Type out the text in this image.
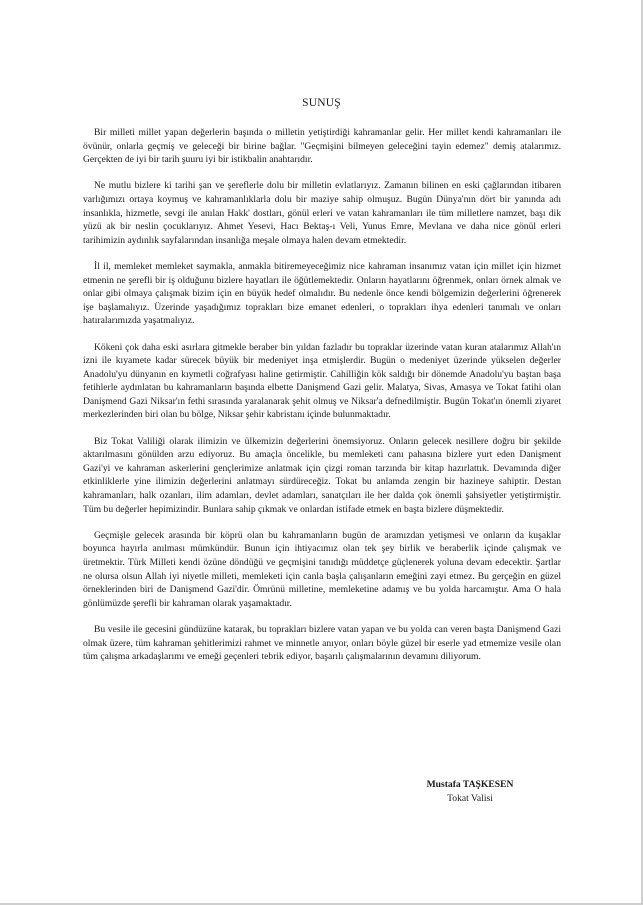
SUNUŞ

Bir milleti millet yapan değerlerin başında o milletin yetiştirdiği kahramanlar gelir. Her millet kendi kahramanları ile övünür, onlarla geçmiş ve geleceği bir birine bağlar. "Geçmişini bilmeyen geleceğini tayin edemez" demiş atalarımız. Gerçekten de iyi bir tarih şuuru iyi bir istikbalin anahtarıdır.

Ne mutlu bizlere ki tarihi şan ve şereflerle dolu bir milletin evlatlarıyız. Zamanın bilinen en eski çağlarından itibaren varlığımızı ortaya koymuş ve kahramanlıklarla dolu bir maziye sahip olmuşuz. Bugün Dünya'nın dört bir yanında adı insanlıkla, hizmetle, sevgi ile anılan Hakk' dostları, gönül erleri ve vatan kahramanları ile tüm milletlere namzet, başı dik yüzü ak bir neslin çocuklarıyız. Ahmet Yesevi, Hacı Bektaş-ı Veli, Yunus Emre, Mevlana ve daha nice gönül erleri tarihimizin aydınlık sayfalarından insanlığa meşale olmaya halen devam etmektedir.

İl il, memleket memleket saymakla, anmakla bitiremeyeceğimiz nice kahraman insanımız vatan için millet için hizmet etmenin ne şerefli bir iş olduğunu bizlere hayatları ile öğütlemektedir. Onların hayatlarını öğrenmek, onları örnek almak ve onlar gibi olmaya çalışmak bizim için en büyük hedef olmalıdır. Bu nedenle önce kendi bölgemizin değerlerini öğrenerek işe başlamalıyız. Üzerinde yaşadığımız toprakları bize emanet edenleri, o toprakları ihya edenleri tanımalı ve onları hatıralarımızda yaşatmalıyız.

Kökeni çok daha eski asırlara gitmekle beraber bin yıldan fazladır bu topraklar üzerinde vatan kuran atalarımız Allah'ın izni ile kıyamete kadar sürecek büyük bir medeniyet inşa etmişlerdir. Bugün o medeniyet üzerinde yükselen değerler Anadolu'yu dünyanın en kıymetli coğrafyası haline getirmiştir. Cahilliğin kök saldığı bir dönemde Anadolu'yu baştan başa fetihlerle aydınlatan bu kahramanların başında elbette Danişmend Gazi gelir. Malatya, Sivas, Amasya ve Tokat fatihi olan Danişmend Gazi Niksar'ın fethi sırasında yaralanarak şehit olmuş ve Niksar'a defnedilmiştir. Bugün Tokat'ın önemli ziyaret merkezlerinden biri olan bu bölge, Niksar şehir kabristanı içinde bulunmaktadır.

Biz Tokat Valiliği olarak ilimizin ve ülkemizin değerlerini önemsiyoruz. Onların gelecek nesillere doğru bir şekilde aktarılmasını gönülden arzu ediyoruz. Bu amaçla öncelikle, bu memleketi canı pahasına bizlere yurt eden Danişment Gazi'yi ve kahraman askerlerini gençlerimize anlatmak için çizgi roman tarzında bir kitap hazırlattık. Devamında diğer etkinliklerle yine ilimizin değerlerini anlatmayı sürdüreceğiz. Tokat bu anlamda zengin bir hazineye sahiptir. Destan kahramanları, halk ozanları, ilim adamları, devlet adamları, sanatçıları ile her dalda çok önemli şahsiyetler yetiştirmiştir. Tüm bu değerler hepimizindir. Bunlara sahip çıkmak ve onlardan istifade etmek en başta bizlere düşmektedir.

Geçmişle gelecek arasında bir köprü olan bu kahramanların bugün de aramızdan yetişmesi ve onların da kuşaklar boyunca hayırla anılması mümkündür. Bunun için ihtiyacımız olan tek şey birlik ve beraberlik içinde çalışmak ve üretmektir. Türk Milleti kendi özüne döndüğü ve geçmişini tanıdığı müddetçe güçlenerek yoluna devam edecektir. Şartlar ne olursa olsun Allah iyi niyetle milleti, memleketi için canla başla çalışanların emeğini zayi etmez. Bu gerçeğin en güzel örneklerinden biri de Danişmend Gazi'dir. Ömrünü milletine, memleketine adamış ve bu yolda harcamıştır. Ama O hala gönlümüzde şerefli bir kahraman olarak yaşamaktadır.

Bu vesile ile gecesini gündüzüne katarak, bu toprakları bizlere vatan yapan ve bu yolda can veren başta Danişmend Gazi olmak üzere, tüm kahraman şehitlerimizi rahmet ve minnetle anıyor, onları böyle güzel bir eserle yad etmemize vesile olan tüm çalışma arkadaşlarımı ve emeği geçenleri tebrik ediyor, başarılı çalışmalarının devamını diliyorum.

Mustafa TAŞKESEN
Tokat Valisi
